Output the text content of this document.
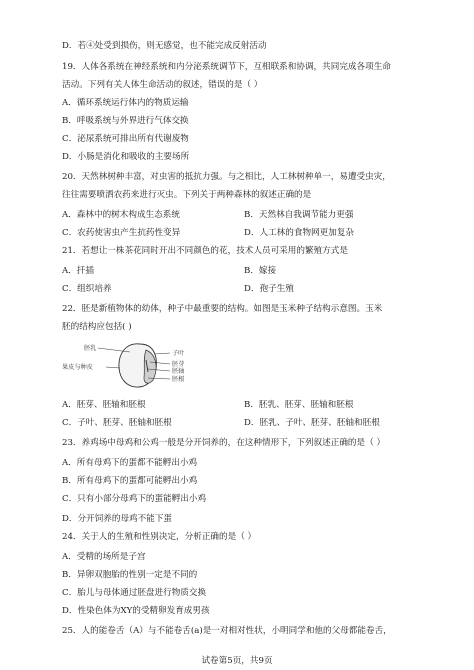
D．若④处受到损伤，则无感觉，也不能完成反射活动
19．人体各系统在神经系统和内分泌系统调节下，互相联系和协调，共同完成各项生命
活动。下列有关人体生命活动的叙述，错误的是（ ）
A．循环系统运行体内的物质运输
B．呼吸系统与外界进行气体交换
C．泌尿系统可排出所有代谢废物
D．小肠是消化和吸收的主要场所
20．天然林树种丰富，对虫害的抵抗力强。与之相比，人工林树种单一，易遭受虫灾，
往往需要喷洒农药来进行灭虫。下列关于两种森林的叙述正确的是
A．森林中的树木构成生态系统	B．天然林自我调节能力更强
C．农药使害虫产生抗药性变异	D．人工林的食物网更加复杂
21．若想让一株茶花同时开出不同颜色的花，技术人员可采用的繁殖方式是
A．扦插	B．嫁接
C．组织培养	D．孢子生殖
22．胚是新植物体的幼体，种子中最重要的结构。如图是玉米种子结构示意图。玉米
胚的结构应包括( )
胚乳
果皮与种皮
子叶
胚芽
胚轴
胚根
A．胚芽、胚轴和胚根	B．胚乳、胚芽、胚轴和胚根
C．子叶、胚芽、胚轴和胚根	D．胚乳、子叶、胚芽、胚轴和胚根
23．养鸡场中母鸡和公鸡一般是分开饲养的，在这种情形下，下列叙述正确的是（ ）
A．所有母鸡下的蛋都不能孵出小鸡
B．所有母鸡下的蛋都可能孵出小鸡
C．只有小部分母鸡下的蛋能孵出小鸡
D．分开饲养的母鸡不能下蛋
24．关于人的生殖和性别决定，分析正确的是（ ）
A．受精的场所是子宫
B．异卵双胞胎的性别一定是不同的
C．胎儿与母体通过胚盘进行物质交换
D．性染色体为XY的受精卵发育成男孩
25．人的能卷舌（A）与不能卷舌(a)是一对相对性状，小明同学和他的父母都能卷舌，
试卷第5页，共9页
